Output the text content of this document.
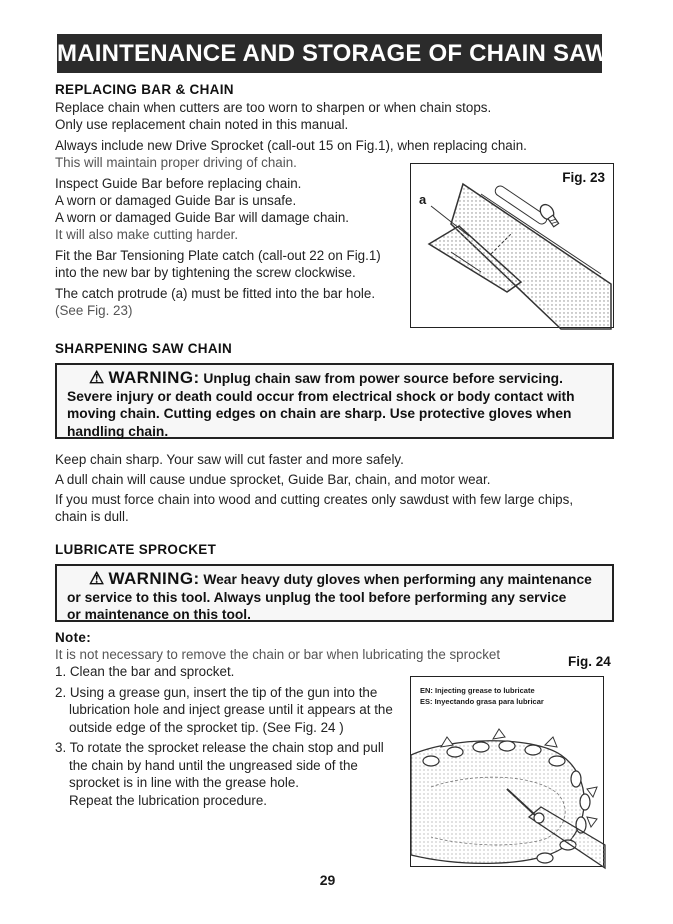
MAINTENANCE AND STORAGE OF CHAIN SAW cont.
REPLACING BAR & CHAIN
Replace chain when cutters are too worn to sharpen or when chain stops.
Only use replacement chain noted in this manual.
Always include new Drive Sprocket (call-out 15 on Fig.1), when replacing chain.
This will maintain proper driving of chain.
Inspect Guide Bar before replacing chain.
A worn or damaged Guide Bar is unsafe.
A worn or damaged Guide Bar will damage chain.
It will also make cutting harder.
Fit the Bar Tensioning Plate catch (call-out 22 on Fig.1)
into the new bar by tightening the screw clockwise.
The catch protrude (a) must be fitted into the bar hole.
(See Fig. 23)
Fig. 23
a
SHARPENING SAW CHAIN
⚠ WARNING: Unplug chain saw from power source before servicing.
Severe injury or death could occur from electrical shock or body contact with
moving chain. Cutting edges on chain are sharp. Use protective gloves when
handling chain.
Keep chain sharp. Your saw will cut faster and more safely.
A dull chain will cause undue sprocket, Guide Bar, chain, and motor wear.
If you must force chain into wood and cutting creates only sawdust with few large chips,
chain is dull.
LUBRICATE SPROCKET
⚠ WARNING: Wear heavy duty gloves when performing any maintenance
or service to this tool. Always unplug the tool before performing any service
or maintenance on this tool.
Note:
It is not necessary to remove the chain or bar when lubricating the sprocket
1. Clean the bar and sprocket.
2. Using a grease gun, insert the tip of the gun into the
lubrication hole and inject grease until it appears at the
outside edge of the sprocket tip. (See Fig. 24 )
3. To rotate the sprocket release the chain stop and pull
the chain by hand until the ungreased side of the
sprocket is in line with the grease hole.
Repeat the lubrication procedure.
Fig. 24
EN: Injecting grease to lubricate
ES: Inyectando grasa para lubricar
29
